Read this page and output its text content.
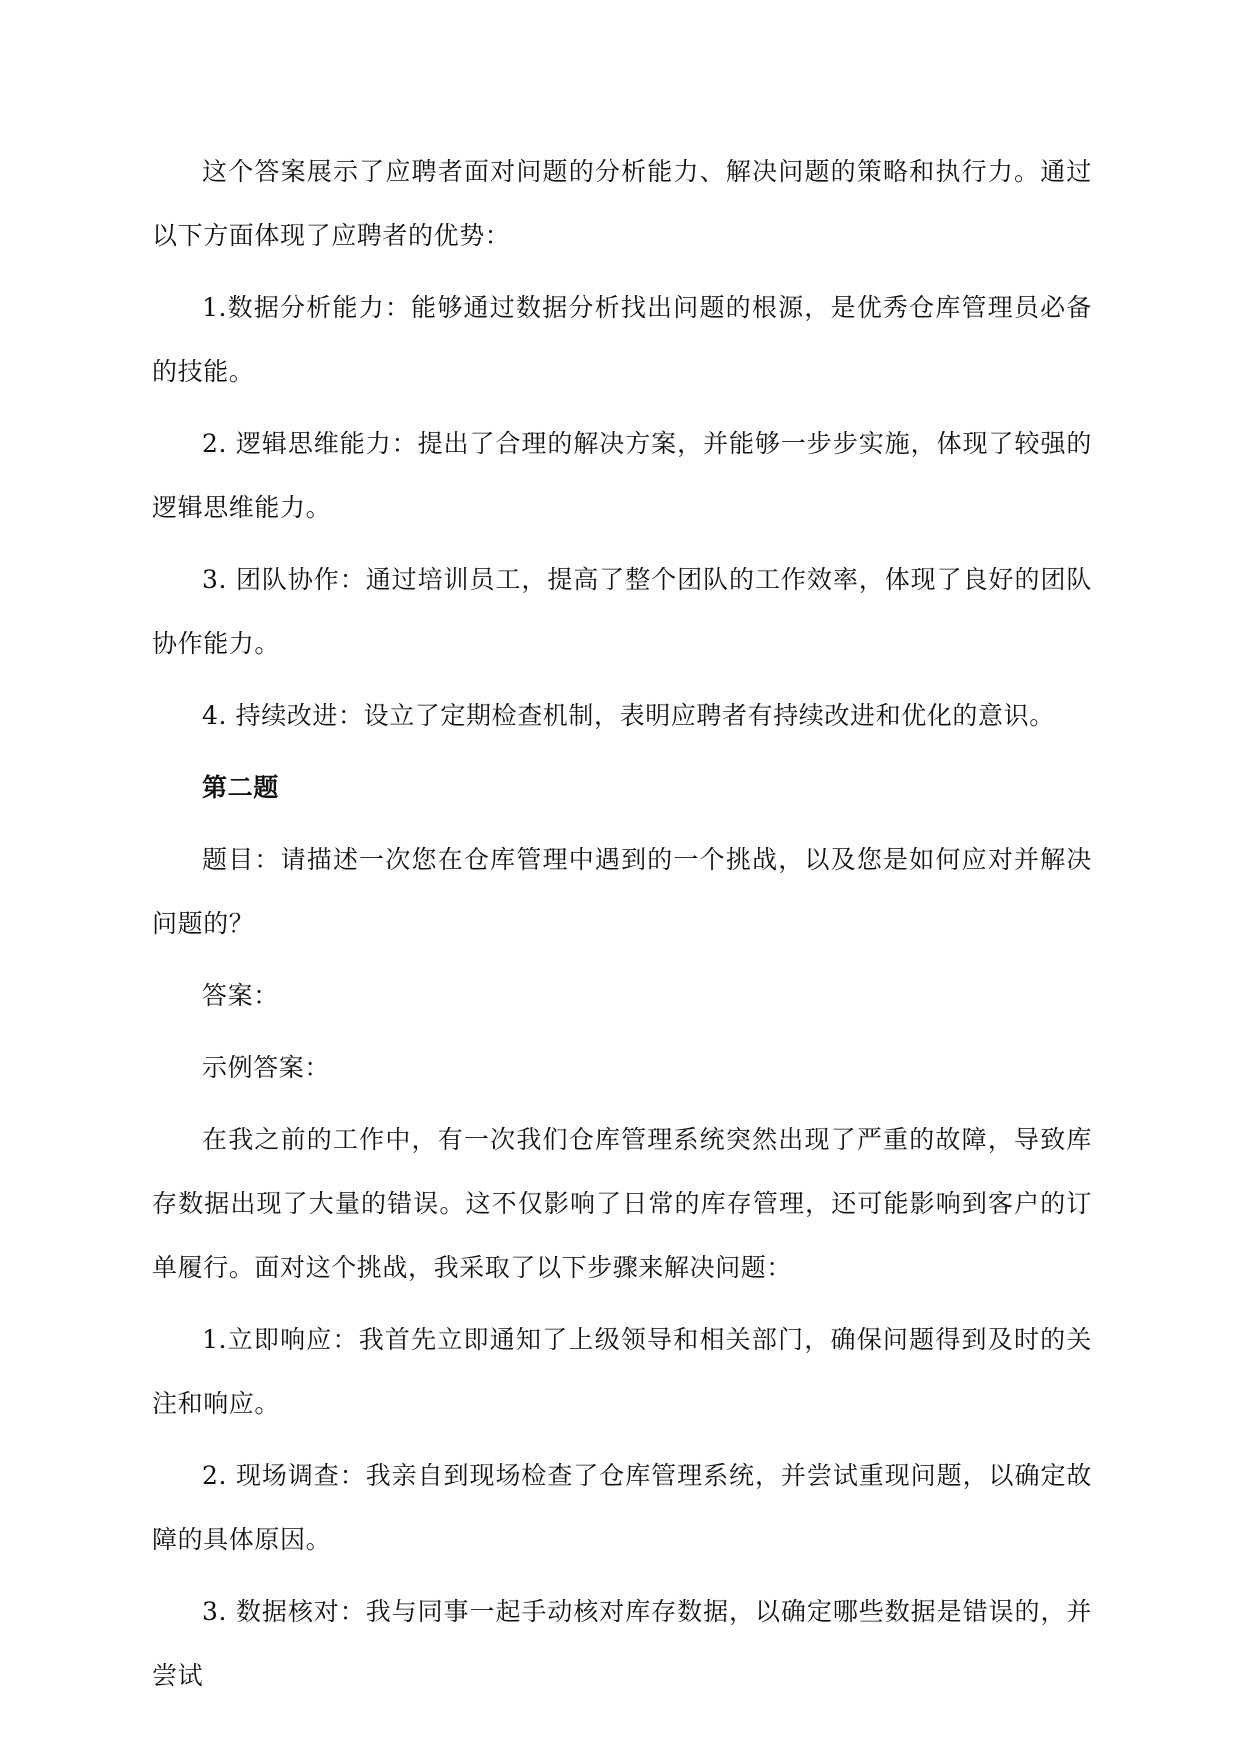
这个答案展示了应聘者面对问题的分析能力、解决问题的策略和执行力。通过以下方面体现了应聘者的优势：

1.数据分析能力：能够通过数据分析找出问题的根源，是优秀仓库管理员必备的技能。

2. 逻辑思维能力：提出了合理的解决方案，并能够一步步实施，体现了较强的逻辑思维能力。

3. 团队协作：通过培训员工，提高了整个团队的工作效率，体现了良好的团队协作能力。

4. 持续改进：设立了定期检查机制，表明应聘者有持续改进和优化的意识。

第二题

题目：请描述一次您在仓库管理中遇到的一个挑战，以及您是如何应对并解决问题的？

答案：

示例答案：

在我之前的工作中，有一次我们仓库管理系统突然出现了严重的故障，导致库存数据出现了大量的错误。这不仅影响了日常的库存管理，还可能影响到客户的订单履行。面对这个挑战，我采取了以下步骤来解决问题：

1.立即响应：我首先立即通知了上级领导和相关部门，确保问题得到及时的关注和响应。

2. 现场调查：我亲自到现场检查了仓库管理系统，并尝试重现问题，以确定故障的具体原因。

3. 数据核对：我与同事一起手动核对库存数据，以确定哪些数据是错误的，并尝试
